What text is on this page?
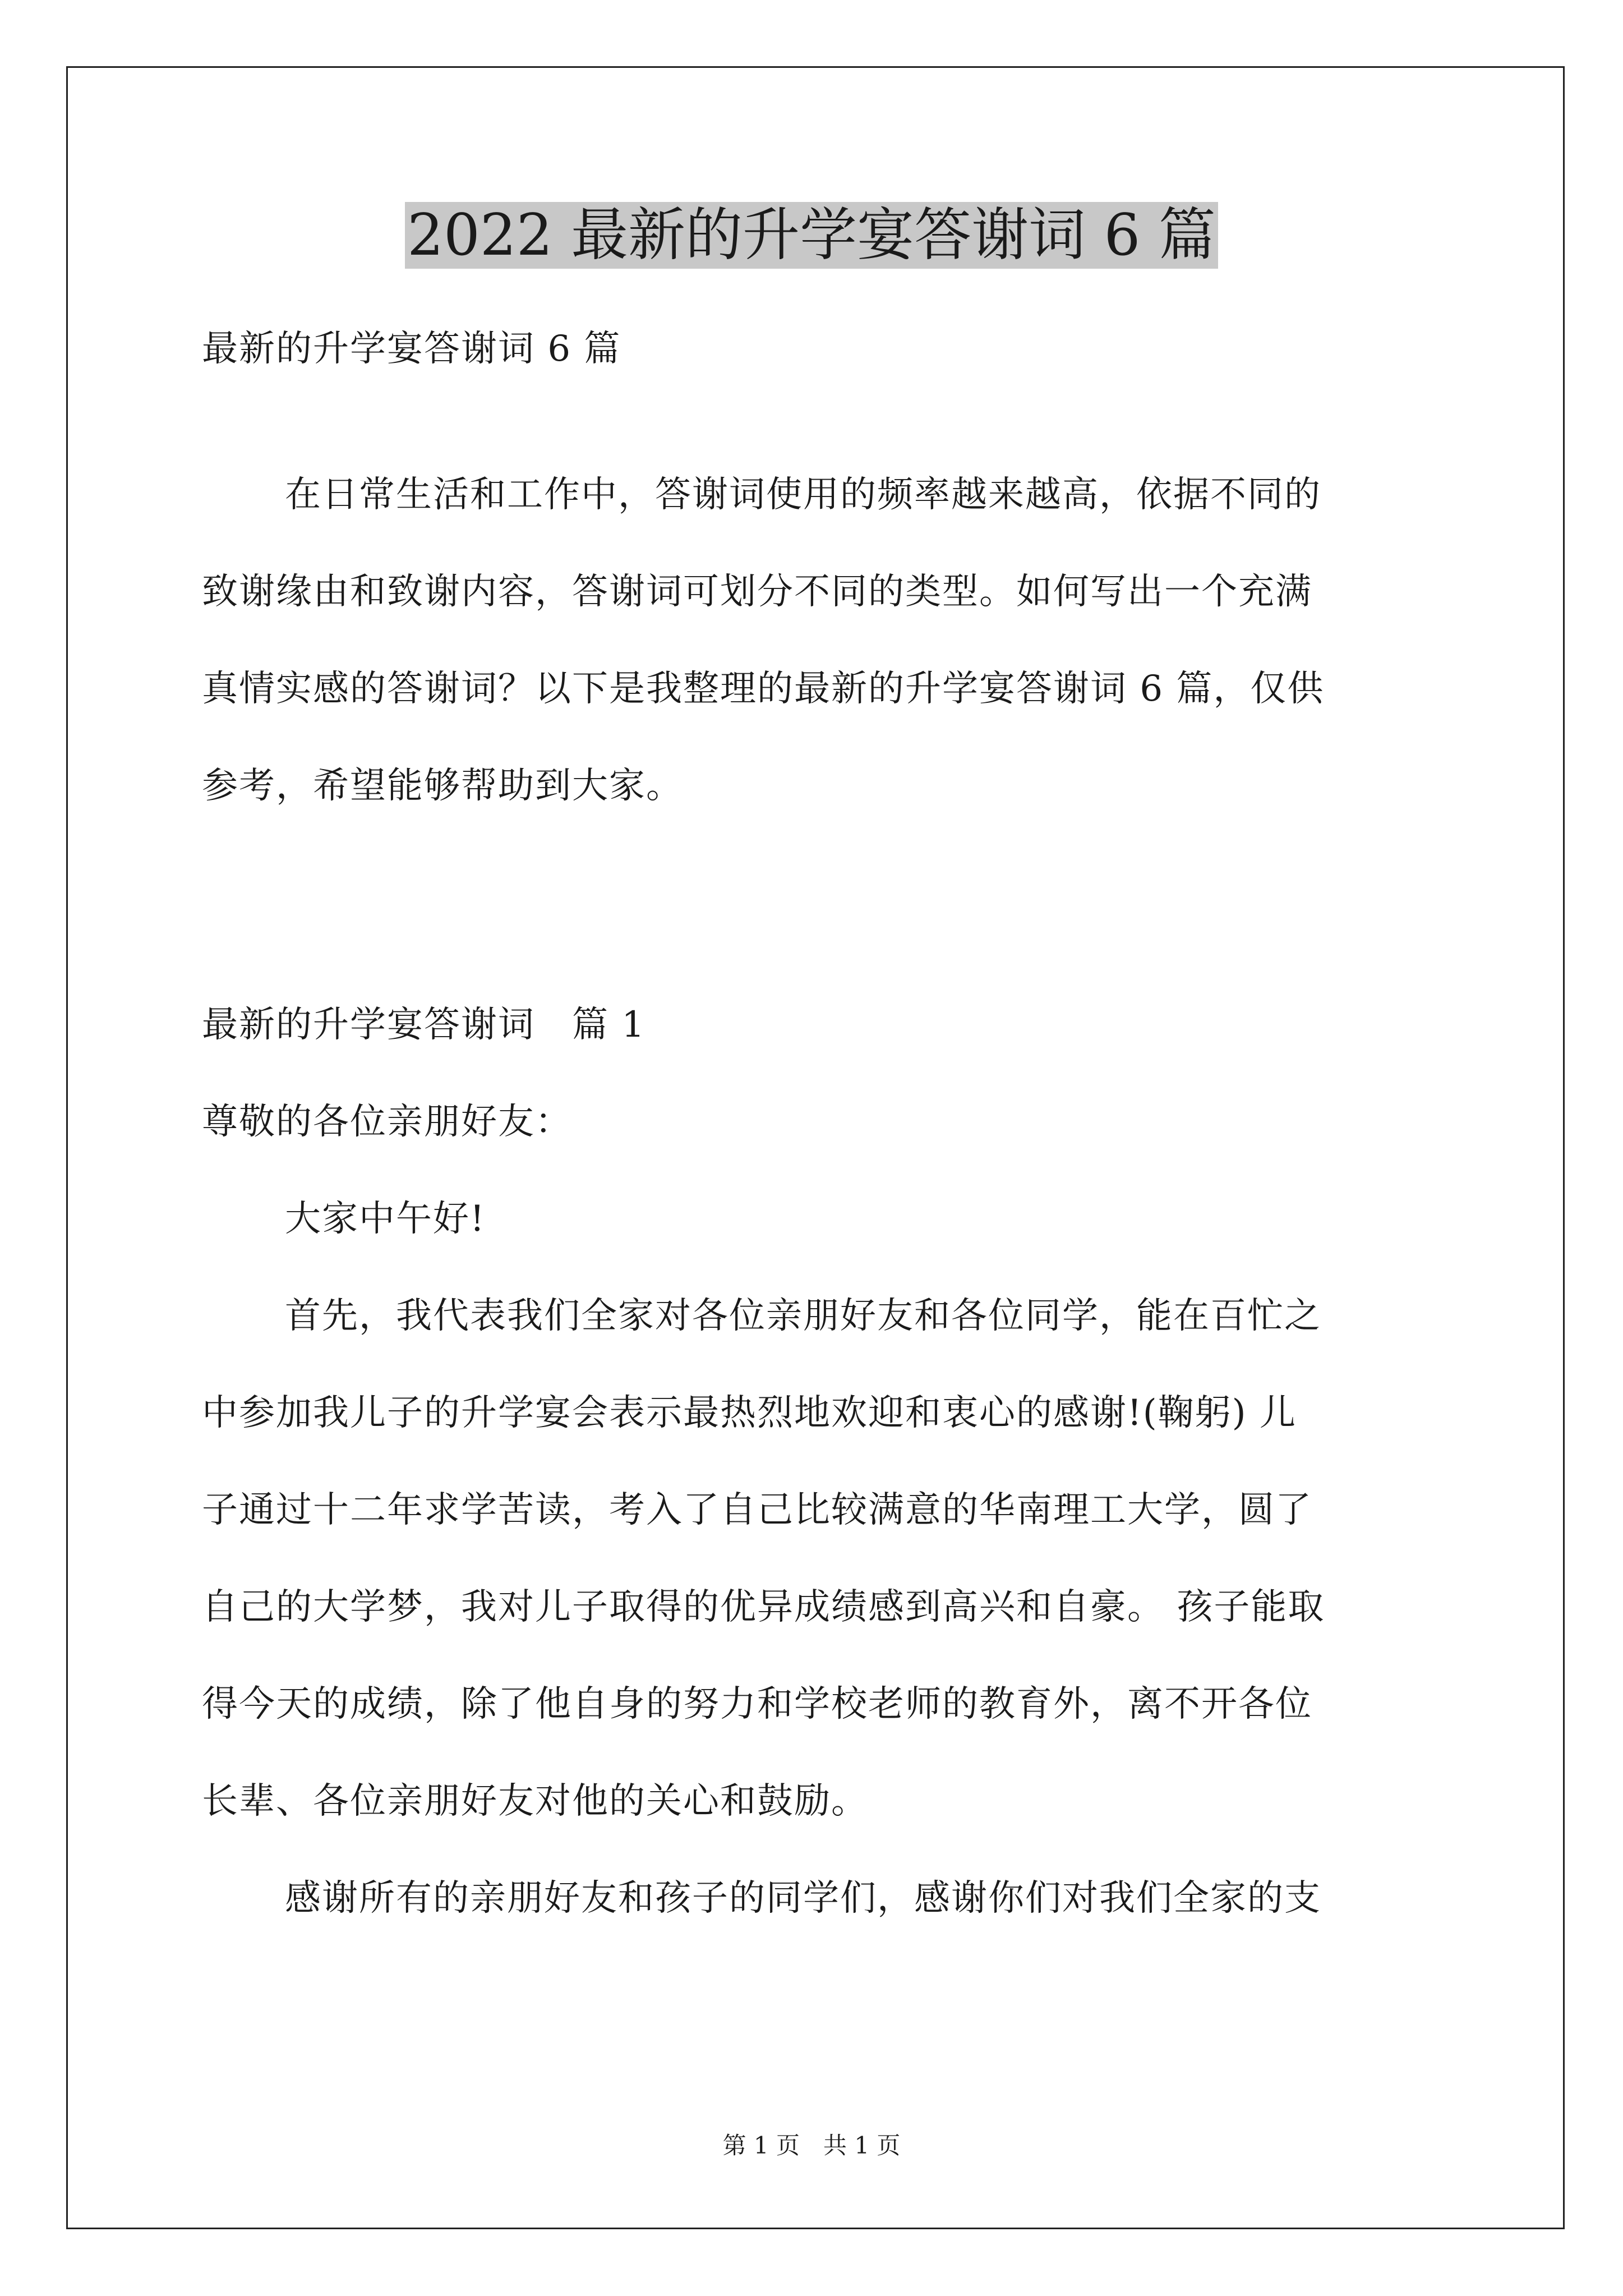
2022 最新的升学宴答谢词 6 篇

最新的升学宴答谢词 6 篇

在日常生活和工作中，答谢词使用的频率越来越高，依据不同的

致谢缘由和致谢内容，答谢词可划分不同的类型。如何写出一个充满

真情实感的答谢词？以下是我整理的最新的升学宴答谢词 6 篇，仅供

参考，希望能够帮助到大家。

最新的升学宴答谢词　篇 1

尊敬的各位亲朋好友：

大家中午好!

首先，我代表我们全家对各位亲朋好友和各位同学，能在百忙之

中参加我儿子的升学宴会表示最热烈地欢迎和衷心的感谢!(鞠躬) 儿

子通过十二年求学苦读，考入了自己比较满意的华南理工大学，圆了

自己的大学梦，我对儿子取得的优异成绩感到高兴和自豪。 孩子能取

得今天的成绩，除了他自身的努力和学校老师的教育外，离不开各位

长辈、各位亲朋好友对他的关心和鼓励。

感谢所有的亲朋好友和孩子的同学们，感谢你们对我们全家的支

第 1 页　共 1 页
